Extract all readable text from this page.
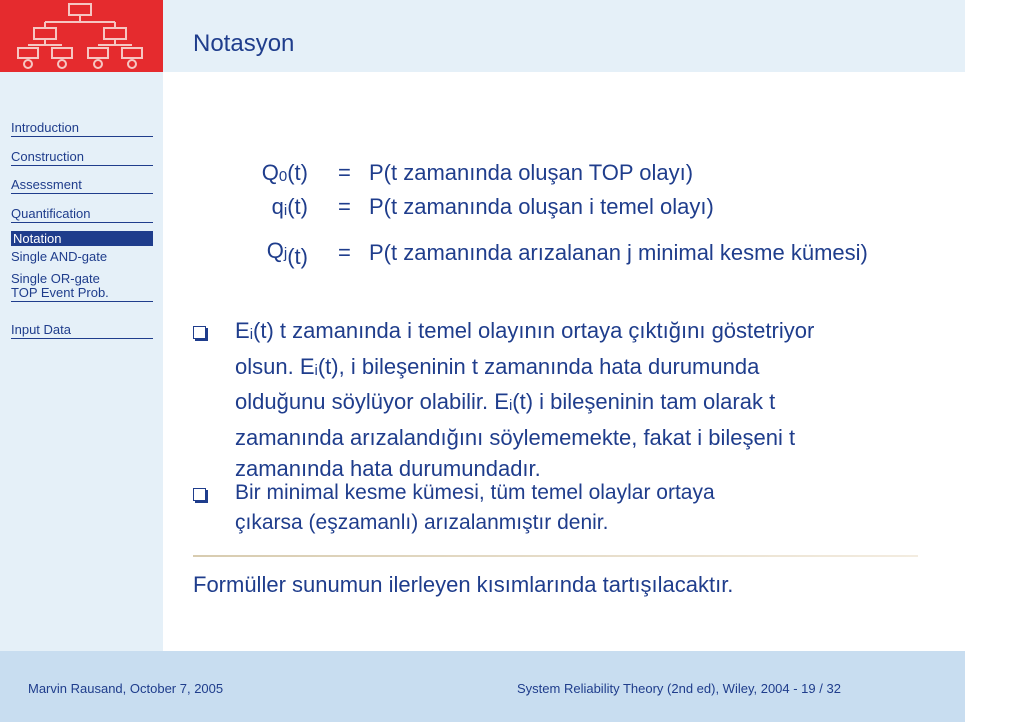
Notasyon
Introduction
Construction
Assessment
Quantification
Notation
Single AND-gate
Single OR-gate
TOP Event Prob.
Input Data
Q0(t) = P(t zamanında oluşan TOP olayı)
qi(t) = P(t zamanında oluşan i temel olayı)
$Q^j(t) = P(t$ zamanında arızalanan j minimal kesme kümesi)
Ei(t) t zamanında i temel olayının ortaya çıktığını göstetriyor
olsun. Ei(t), i bileşeninin t zamanında hata durumunda
olduğunu söylüyor olabilir. Ei(t) i bileşeninin tam olarak t
zamanında arızalandığını söylememekte, fakat i bileşeni t
zamanında hata durumundadır.
Bir minimal kesme kümesi, tüm temel olaylar ortaya
çıkarsa (eşzamanlı) arızalanmıştır denir.
Formüller sunumun ilerleyen kısımlarında tartışılacaktır.
Marvin Rausand, October 7, 2005	System Reliability Theory (2nd ed), Wiley, 2004 - 19 / 32
